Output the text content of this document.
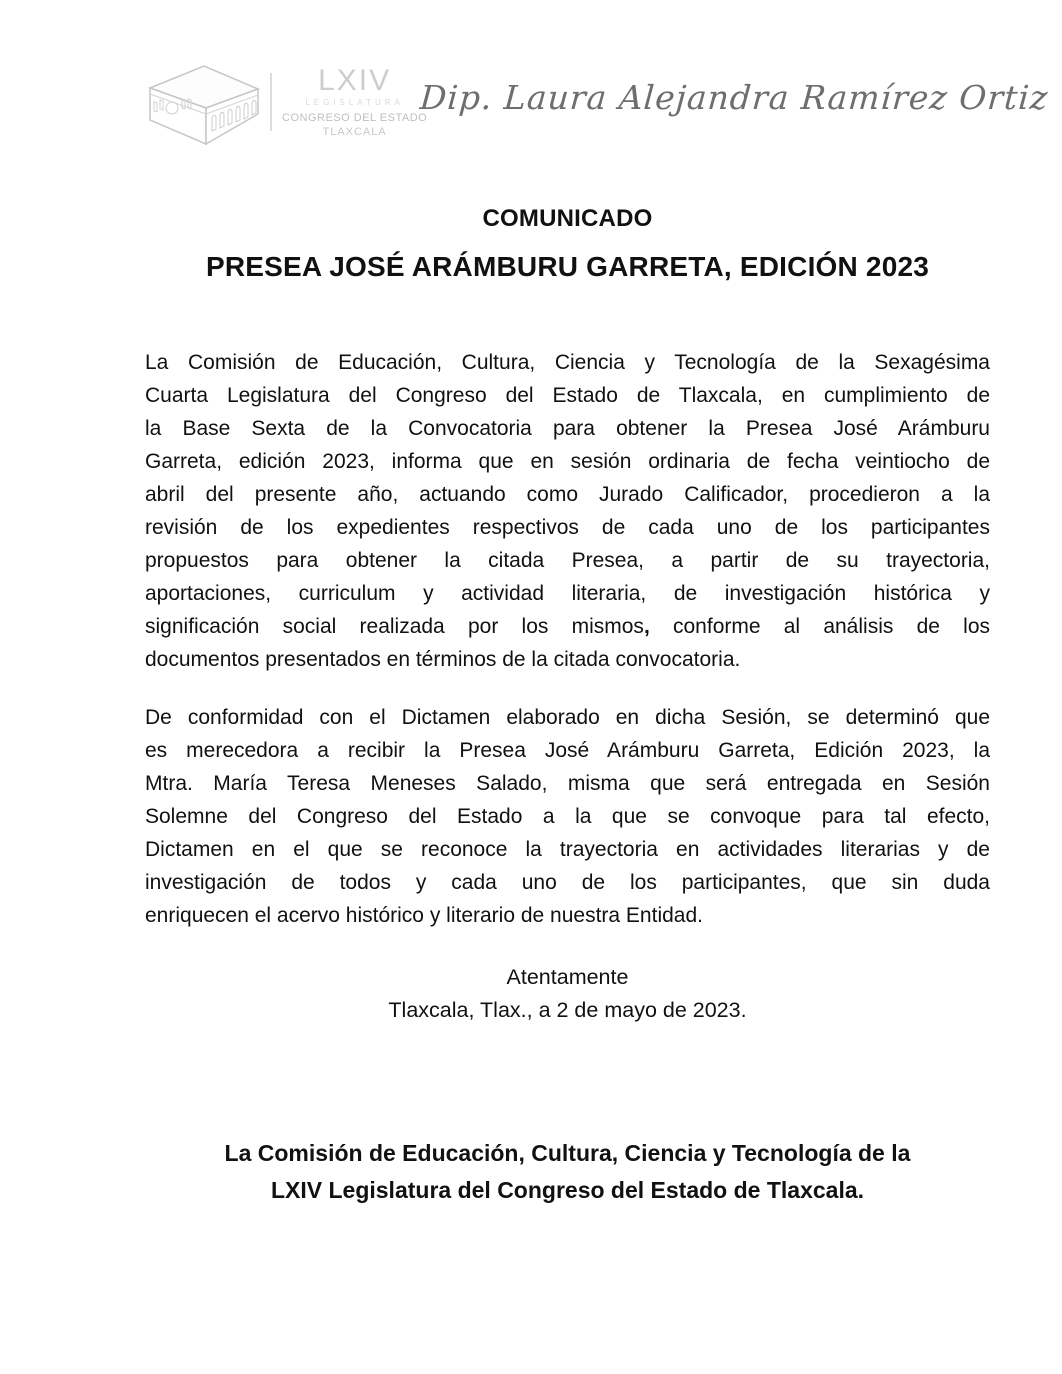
LXIV
LEGISLATURA
CONGRESO DEL ESTADO
TLAXCALA
Dip. Laura Alejandra Ramírez Ortiz
COMUNICADO
PRESEA JOSÉ ARÁMBURU GARRETA, EDICIÓN 2023
La Comisión de Educación, Cultura, Ciencia y Tecnología de la Sexagésima
Cuarta Legislatura del Congreso del Estado de Tlaxcala, en cumplimiento de
la Base Sexta de la Convocatoria para obtener la Presea José Arámburu
Garreta, edición 2023, informa que en sesión ordinaria de fecha veintiocho de
abril del presente año, actuando como Jurado Calificador, procedieron a la
revisión de los expedientes respectivos de cada uno de los participantes
propuestos para obtener la citada Presea, a partir de su trayectoria,
aportaciones, curriculum y actividad literaria, de investigación histórica y
significación social realizada por los mismos, conforme al análisis de los
documentos presentados en términos de la citada convocatoria.
De conformidad con el Dictamen elaborado en dicha Sesión, se determinó que
es merecedora a recibir la Presea José Arámburu Garreta, Edición 2023, la
Mtra. María Teresa Meneses Salado, misma que será entregada en Sesión
Solemne del Congreso del Estado a la que se convoque para tal efecto,
Dictamen en el que se reconoce la trayectoria en actividades literarias y de
investigación de todos y cada uno de los participantes, que sin duda
enriquecen el acervo histórico y literario de nuestra Entidad.
Atentamente
Tlaxcala, Tlax., a 2 de mayo de 2023.
La Comisión de Educación, Cultura, Ciencia y Tecnología de la
LXIV Legislatura del Congreso del Estado de Tlaxcala.
